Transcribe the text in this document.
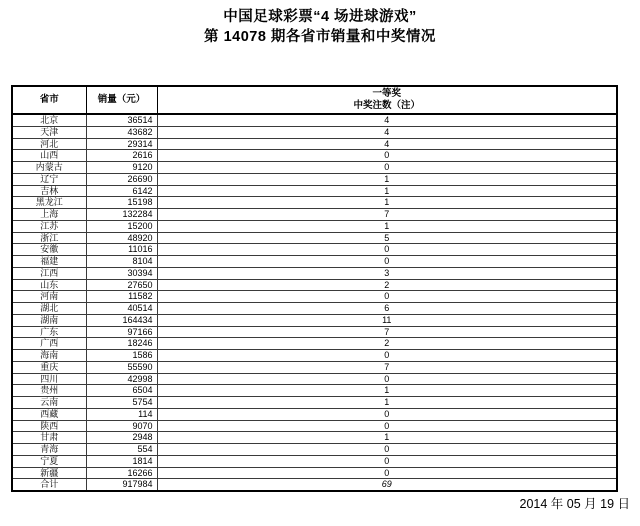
中国足球彩票“4 场进球游戏”
第 14078 期各省市销量和中奖情况
省市	销量（元）	一等奖
中奖注数（注）

北京	36514	4
天津	43682	4
河北	29314	4
山西	2616	0
内蒙古	9120	0
辽宁	26690	1
吉林	6142	1
黑龙江	15198	1
上海	132284	7
江苏	15200	1
浙江	48920	5
安徽	11016	0
福建	8104	0
江西	30394	3
山东	27650	2
河南	11582	0
湖北	40514	6
湖南	164434	11
广东	97166	7
广西	18246	2
海南	1586	0
重庆	55590	7
四川	42998	0
贵州	6504	1
云南	5754	1
西藏	114	0
陕西	9070	0
甘肃	2948	1
青海	554	0
宁夏	1814	0
新疆	16266	0
合计	917984	69
2014 年 05 月 19 日
